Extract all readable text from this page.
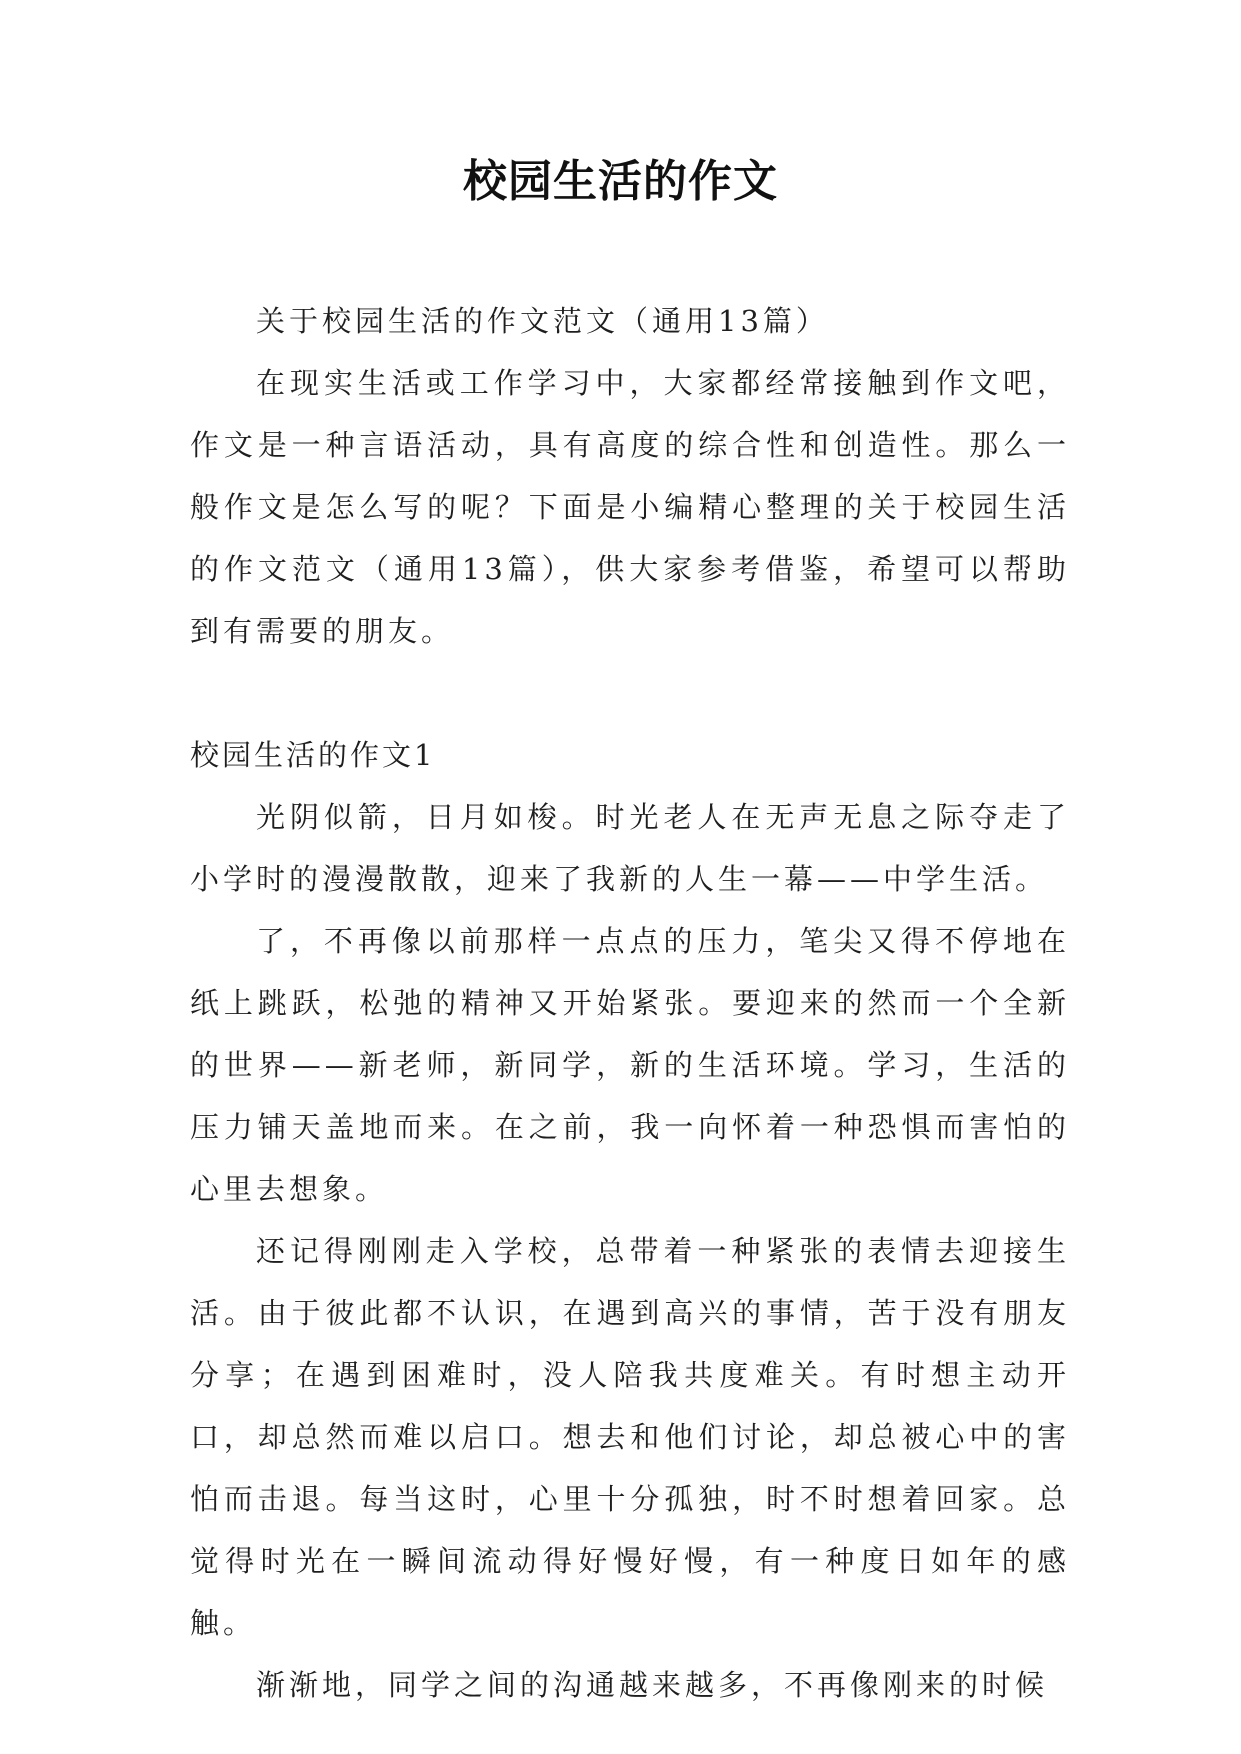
校园生活的作文

关于校园生活的作文范文（通用13篇）

在现实生活或工作学习中，大家都经常接触到作文吧，作文是一种言语活动，具有高度的综合性和创造性。那么一般作文是怎么写的呢？下面是小编精心整理的关于校园生活的作文范文（通用13篇），供大家参考借鉴，希望可以帮助到有需要的朋友。

校园生活的作文1

光阴似箭，日月如梭。时光老人在无声无息之际夺走了小学时的漫漫散散，迎来了我新的人生一幕——中学生活。

了，不再像以前那样一点点的压力，笔尖又得不停地在纸上跳跃，松弛的精神又开始紧张。要迎来的然而一个全新的世界——新老师，新同学，新的生活环境。学习，生活的压力铺天盖地而来。在之前，我一向怀着一种恐惧而害怕的心里去想象。

还记得刚刚走入学校，总带着一种紧张的表情去迎接生活。由于彼此都不认识，在遇到高兴的事情，苦于没有朋友分享；在遇到困难时，没人陪我共度难关。有时想主动开口，却总然而难以启口。想去和他们讨论，却总被心中的害怕而击退。每当这时，心里十分孤独，时不时想着回家。总觉得时光在一瞬间流动得好慢好慢，有一种度日如年的感触。

渐渐地，同学之间的沟通越来越多，不再像刚来的时候
